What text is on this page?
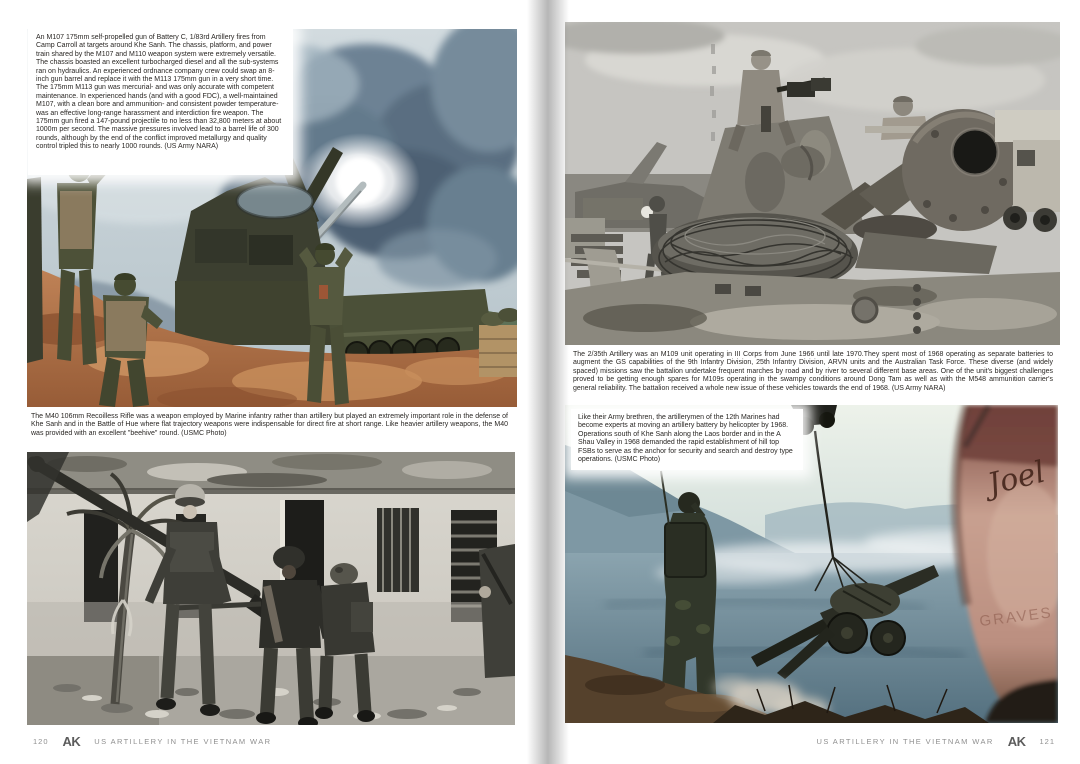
An M107 175mm self-propelled gun of Battery C, 1/83rd Artillery fires from Camp Carroll at targets around Khe Sanh. The chassis, platform, and power train shared by the M107 and M110 weapon system were extremely versatile. The chassis boasted an excellent turbocharged diesel and all the sub-systems ran on hydraulics. An experienced ordnance company crew could swap an 8-inch gun barrel and replace it with the M113 175mm gun in a very short time. The 175mm M113 gun was mercurial- and was only accurate with competent maintenance. In experienced hands (and with a good FDC), a well-maintained M107, with a clean bore and ammunition- and consistent powder temperature- was an effective long-range harassment and interdiction fire weapon. The 175mm gun fired a 147-pound projectile to no less than 32,800 meters at about 1000m per second. The massive pressures involved lead to a barrel life of 300 rounds, although by the end of the conflict improved metallurgy and quality control tripled this to nearly 1000 rounds. (US Army NARA)
The M40 106mm Recoilless Rifle was a weapon employed by Marine infantry rather than artillery but played an extremely important role in the defense of Khe Sanh and in the Battle of Hue where flat trajectory weapons were indispensable for direct fire at short range. Like heavier artillery weapons, the M40 was provided with an excellent "beehive" round. (USMC Photo)
120 AK US ARTILLERY IN THE VIETNAM WAR
The 2/35th Artillery was an M109 unit operating in III Corps from June 1966 until late 1970.They spent most of 1968 operating as separate batteries to augment the GS capabilities of the 9th Infantry Division, 25th Infantry Division, ARVN units and the Australian Task Force. These diverse (and widely spaced) missions saw the battalion undertake frequent marches by road and by river to several different base areas. One of the unit's biggest challenges proved to be getting enough spares for M109s operating in the swampy conditions around Dong Tam as well as with the M548 ammunition carrier's general reliability. The battalion received a whole new issue of these vehicles towards the end of 1968. (US Army NARA)
Joel
GRAVES
Like their Army brethren, the artillerymen of the 12th Marines had become experts at moving an artillery battery by helicopter by 1968. Operations south of Khe Sanh along the Laos border and in the A Shau Valley in 1968 demanded the rapid establishment of hill top FSBs to serve as the anchor for security and search and destroy type operations. (USMC Photo)
US ARTILLERY IN THE VIETNAM WAR AK 121
